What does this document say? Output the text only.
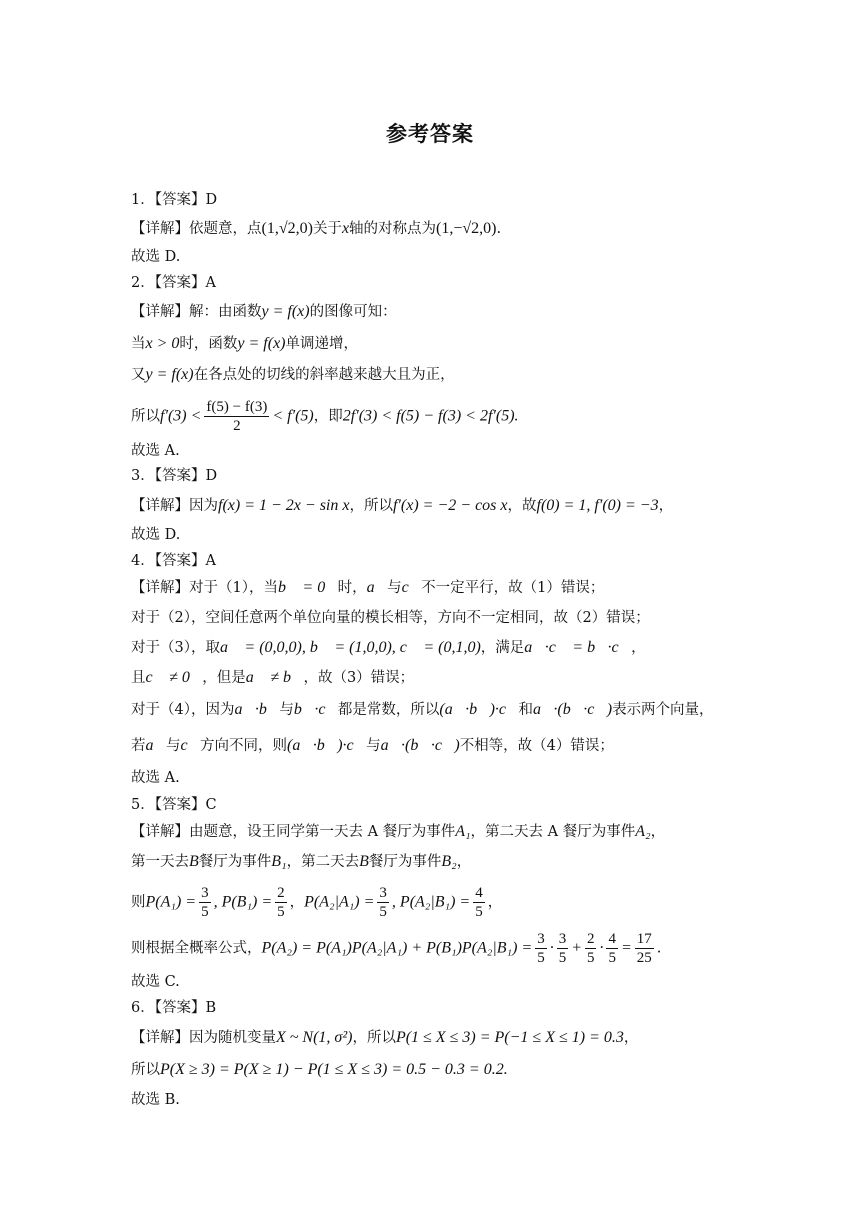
参考答案
1．【答案】D
【详解】依题意，点(1,√2,0)关于x轴的对称点为(1,−√2,0).
故选 D.
2．【答案】A
【详解】解：由函数y = f(x)的图像可知：
当x > 0时，函数y = f(x)单调递增，
又y = f(x)在各点处的切线的斜率越来越大且为正，
所以$f'(3) < \frac{f(5) - f(3)}{2} < f'(5)$，即2f′(3) < f(5) − f(3) < 2f′(5).
故选 A.
3．【答案】D
【详解】因为f(x) = 1 − 2x − sin x，所以f′(x) = −2 − cos x，故f(0) = 1, f′(0) = −3，
故选 D.
4．【答案】A
【详解】对于（1），当b⃗ = 0⃗时，a⃗与c⃗不一定平行，故（1）错误；
对于（2），空间任意两个单位向量的模长相等，方向不一定相同，故（2）错误；
对于（3），取a⃗ = (0,0,0), b⃗ = (1,0,0), c⃗ = (0,1,0)，满足a⃗·c⃗ = b⃗·c⃗，
且c⃗ ≠ 0⃗，但是a⃗ ≠ b⃗，故（3）错误；
对于（4），因为a⃗·b⃗与b⃗·c⃗都是常数，所以(a⃗·b⃗)·c⃗和a⃗·(b⃗·c⃗)表示两个向量，
若a⃗与c⃗方向不同，则(a⃗·b⃗)·c⃗与a⃗·(b⃗·c⃗)不相等，故（4）错误；
故选 A.
5．【答案】C
【详解】由题意，设王同学第一天去 A 餐厅为事件A₁，第二天去 A 餐厅为事件A₂，
第一天去B餐厅为事件B₁，第二天去B餐厅为事件B₂，
则$P(A_1) = \frac{3}{5}$ , $P(B_1) = \frac{2}{5}$ ，$P(A_2|A_1) = \frac{3}{5}$ , $P(A_2|B_1) = \frac{4}{5}$ ，
则根据全概率公式，$P(A_2) = P(A_1)P(A_2|A_1) + P(B_1)P(A_2|B_1) = \frac{3}{5} \cdot \frac{3}{5} + \frac{2}{5} \cdot \frac{4}{5} = \frac{17}{25}$ .
故选 C.
6．【答案】B
【详解】因为随机变量X ~ N(1, σ²)，所以P(1 ≤ X ≤ 3) = P(−1 ≤ X ≤ 1) = 0.3，
所以P(X ≥ 3) = P(X ≥ 1) − P(1 ≤ X ≤ 3) = 0.5 − 0.3 = 0.2.
故选 B.
